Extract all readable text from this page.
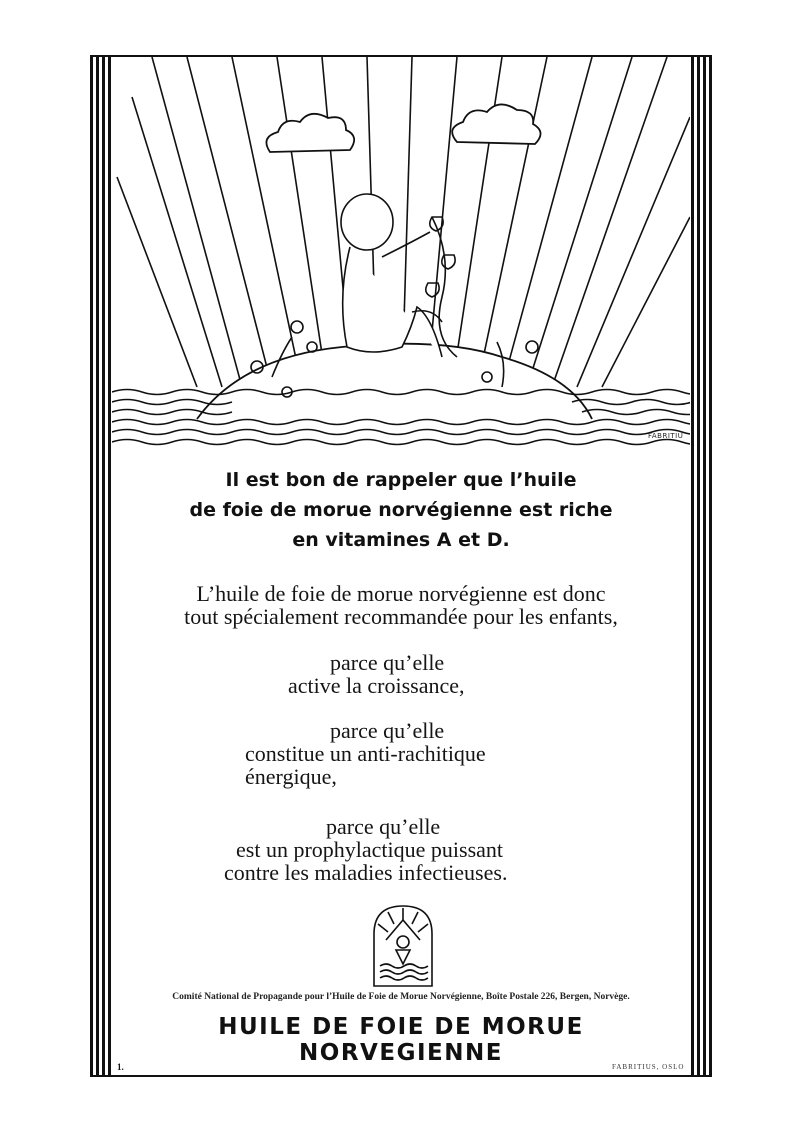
FABRITIU
Il est bon de rappeler que l’huile
de foie de morue norvégienne est riche
en vitamines A et D.
L’huile de foie de morue norvégienne est donc
tout spécialement recommandée pour les enfants,
parce qu’elle
active la croissance,
parce qu’elle
constitue un anti-rachitique
énergique,
parce qu’elle
est un prophylactique puissant
contre les maladies infectieuses.
Comité National de Propagande pour l’Huile de Foie de Morue Norvégienne, Boîte Postale 226, Bergen, Norvège.
HUILE DE FOIE DE MORUE NORVEGIENNE
1.	FABRITIUS, OSLO
